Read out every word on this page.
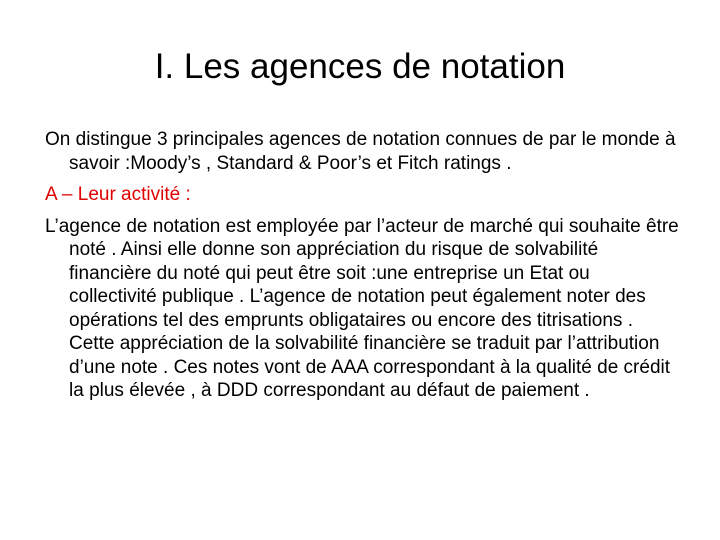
I. Les agences de notation

On distingue 3 principales agences de notation connues de par le monde à savoir :Moody’s , Standard & Poor’s et Fitch ratings .

A – Leur activité :

L’agence de notation est employée par l’acteur de marché qui souhaite être noté . Ainsi elle donne son appréciation du risque de solvabilité financière du noté qui peut être soit :une entreprise un Etat ou collectivité publique . L’agence de notation peut également noter des opérations tel des emprunts obligataires ou encore des titrisations . Cette appréciation de la solvabilité financière se traduit par l’attribution d’une note . Ces notes vont de AAA correspondant à la qualité de crédit la plus élevée , à DDD correspondant au défaut de paiement .
